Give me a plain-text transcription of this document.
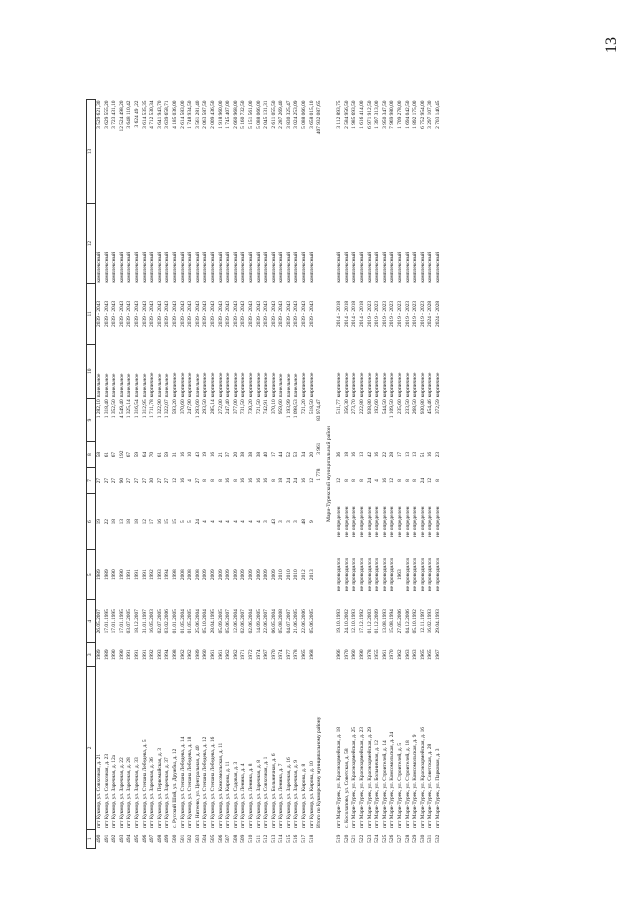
13
1	2	3	4	5	6	7	8	9	10	11	12	13
490	пгт Кукмор, ул. Совхозная, д. 21	1989	26.05.2007	1989	19	27	58	1 282,10	панельное	2039 - 2043	комплексный	3 529 621,30
491	пгт Кукмор, ул. Совхозная, д. 23	1989	17.01.1995	1989	22	27	61	1 318,40	панельное	2039 - 2043	комплексный	3 629 555,20
492	пгт Кукмор, ул. Заречная, д. 12а	1990	17.01.1995	1990	18	27	67	1 352,50	панельное	2039 - 2043	комплексный	3 723 431,10
493	пгт Кукмор, ул. Заречная, д. 22	1990	17.01.1995	1990	13	90	192	4 549,40	панельное	2039 - 2043	комплексный	12 524 498,20
494	пгт Кукмор, ул. Заречная, д. 28	1991	03.07.2005	1991	18	27	67	1 325,14	панельное	2039 - 2043	комплексный	3 648 110,42
495	пгт Кукмор, ул. Заречная, д. 33	1991	18.12.2007	1991	18	27	59	1 316,54	панельное	2039 - 2043	комплексный	3 624 49 ,22
496	пгт Кукмор, ул. Степана Лебедева, д. 5	1991	31.01.1997	1991	12	27	64	1 312,95	панельное	2039 - 2043	комплексный	3 614 535,35
497	пгт Кукмор, ул. Заречная, д. 36	1992	16.05.2003	1992	17	30	70	1 711,78	кирпичное	2039 - 2043	комплексный	4 712 530,34
498	пгт Кукмор, ул. Первомайская, д. 3	1993	02.07.2005	1993	16	27	61	1 322,90	панельное	2039 - 2043	комплексный	3 641 943,70
499	пгт Кукмор, ул. Заречная, д. 37	1994	03.02.2006	1994	15	27	59	1 322,07	панельное	2039 - 2043	комплексный	3 639 658,71
500	с. Русский Шой, ул. Дружбы, д. 12	1998	01.01.2005	1998	15	12	31	593,20	кирпичное	2039 - 2043	комплексный	4 185 036,00
501	пгт Кукмор, ул. Степана Лебедева, д. 14	1962	01.05.2004	2008	5	16	16	370,60	кирпичное	2039 - 2043	комплексный	2 614 583,00
502	пгт Кукмор, ул. Степана Лебедева, д. 18	1962	01.05.2005	2008	5	4	10	247,90	кирпичное	2039 - 2043	комплексный	1 748 934,50
503	пгт. Нитеево, ул. Центральная, д. 40	1989	25.06.2004	2008	24	27	43	1 293,60	панельное	2039 - 2043	комплексный	3 561 281,40
504	пгт Кукмор, ул. Степана Лебедева, д. 12	1960	05.10.2004	2009	4	8	19	293,50	кирпичное	2039 - 2043	комплексный	2 063 587,50
505	пгт Кукмор, ул. Степана Лебедева, д. 16	1961	28.04.1995	2009	4	8	16	285,14	кирпичное	2039 - 2043	комплексный	2 009 436,50
506	пгт Кукмор, ул. Комсомольская, д. 11	1961	05.09.2005	2009	4	8	21	272,00	кирпичное	2039 - 2043	комплексный	1 918 960,00
507	пгт Кукмор, ул. Кирова, д. 11	1962	05.06.2007	2009	4	16	37	247,40	кирпичное	2039 - 2043	комплексный	1 745 407,00
508	пгт Кукмор, ул. Садовая, д. 3	1962	12.06.2004	2009	4	8	20	377,00	кирпичное	2039 - 2043	комплексный	2 660 968,00
509	пгт Кукмор, ул. Ленина, д. 4	1971	02.06.2007	2009	4	16	38	731,50	кирпичное	2039 - 2043	комплексный	5 160 732,50
510	пгт Кукмор, ул. Ленина, д. 8	1972	02.06.2004	2009	4	16	38	730,20	кирпичное	2039 - 2043	комплексный	5 151 561,00
511	пгт Кукмор, ул. Заречная, д. 8	1974	14.09.2005	2009	4	16	38	721,50	кирпичное	2039 - 2043	комплексный	5 088 066,00
512	пгт Кукмор, ул. Совхозная, д. 1	1967	22.06.2007	2009	3	16	40	742,91	кирпичное	2039 - 2043	комплексный	2 045 131,31
513	пгт Кукмор, ул. Больничная, д. 6	1970	06.05.2004	2009	43	8	17	370,10	кирпичное	2039 - 2043	комплексный	2 611 055,50
514	пгт Кукмор, ул. Ленина, д. 7	1974	05.08.2008	2010	3	18	44	959,60	панельное	2039 - 2043	комплексный	2 287 269,40
515	пгт Кукмор, ул. Заречная, д. 16	1977	04.07.2007	2010	3	24	52	1 193,99	панельное	2039 - 2043	комплексный	3 830 325,47
516	пгт Кукмор, ул. Заречная, д. 9	1978	21.06.2005	2010	3	24	53	1 098,53	панельное	2039 - 2043	комплексный	3 024 253,09
517	пгт Кукмор, ул. Кирова, д. 8	1965	22.06.2006	2012	48	16	34	721,20	кирпичное	2039 - 2043	комплексный	5 088 066,00
518	пгт Кукмор, ул. Кирова, д. 10	1968	05.06.2005	2013	9	12	20	518,50	кирпичное	2039 - 2043	комплексный	3 658 015,10
	Итого по Кукморскому муниципальному району					1 778	3 961	83 974,47				407 932 087,65
Мари-Турекский муниципальный район												
519	пгт Мари-Турек, ул. Красноармейская, д. 18	1966	19.10.1993	не проводился	не определен	12	36	511,77	кирпичное	2014 - 2018	комплексный	3 112 893,75
520	с. Косолапово, ул. Советская, д. 58	1970	24.10.2002	не проводился	не определен	8	18	356,30	кирпичное	2014 - 2018	комплексный	2 584 956,50
521	пгт Мари-Турек, ул. Красноармейская, д. 25	1960	12.10.1993	не проводился	не определен	8	16	273,70	кирпичное	2014 - 2018	комплексный	1 985 693,50
522	пгт Мари-Турек, ул. Красноармейская, д. 23	1990	17.12.1992	не проводился	не определен	8	13	222,80	кирпичное	2014 - 2018	комплексный	1 616 414,00
523	пгт Мари-Турек, ул. Красноармейская, д. 29	1978	01.12.2003	не проводился	не определен	24	42	938,80	кирпичное	2019 - 2023	комплексный	6 971 912,50
524	пгт Мари-Турек, ул. Больничная, д. 12	1955	01.12.2009	не проводился	не определен	4	16	192,60	кирпичное	2019 - 2023	комплексный	1 397 313,00
525	пгт Мари-Турек, ул. Строителей, д. 14	1961	13.08.1993	не проводился	не определен	16	22	544,50	кирпичное	2019 - 2023	комплексный	3 950 347,50
526	пгт Мари-Турек, ул. Комсомольская, д. 24	1970	15.08.1994	не проводился	не определен	12	28	1 109,50	кирпичное	2019 - 2023	комплексный	7 969 980,00
527	пгт Мари-Турек, ул. Строителей, д. 5	1962	27.05.2006	1963	не определен	8	17	235,60	кирпичное	2019 - 2023	комплексный	1 709 278,00
528	пгт Мари-Турек, ул. Строителей, д. 18	1963	04.12.2006	не проводился	не определен	8	13	233,50	кирпичное	2019 - 2023	комплексный	1 694 042,50
529	пгт Мари-Турек, ул. Комсомольская, д. 9	1963	05.10.1992	не проводился	не определен	8	13	268,50	кирпичное	2019 - 2023	комплексный	1 892 175,00
530	пгт Мари-Турек, ул. Красноармейская, д. 16	1965	12.11.1997	не проводился	не определен	24	51	930,80	кирпичное	2019 - 2023	комплексный	6 752 954,00
531	пгт Мари-Турек, ул. Советская, д. 28	1965	16.02.1993	не проводился	не определен	12	16	454,46	кирпичное	2024 - 2028	комплексный	3 297 107,30
532	пгт Мари-Турек, ул. Парковая, д. 3	1967	29.04.1993	не проводился	не определен	8	23	372,59	кирпичное	2024 - 2028	комплексный	2 703 140,45
